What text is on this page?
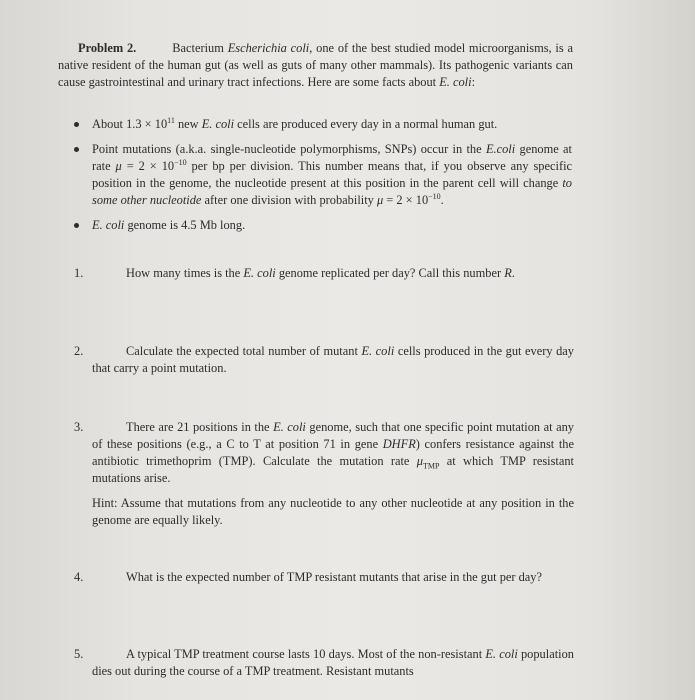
Problem 2.	Bacterium Escherichia coli, one of the best studied model microorganisms, is a native resident of the human gut (as well as guts of many other mammals). Its pathogenic variants can cause gastrointestinal and urinary tract infections. Here are some facts about E. coli:
About $1.3 \times 10^{11}$ new E. coli cells are produced every day in a normal human gut.
Point mutations (a.k.a. single-nucleotide polymorphisms, SNPs) occur in the E.coli genome at rate $\mu = 2 \times 10^{-10}$ per bp per division. This number means that, if you observe any specific position in the genome, the nucleotide present at this position in the parent cell will change to some other nucleotide after one division with probability $\mu = 2 \times 10^{-10}$.
E. coli genome is 4.5 Mb long.
1.	How many times is the E. coli genome replicated per day? Call this number R.
2.	Calculate the expected total number of mutant E. coli cells produced in the gut every day that carry a point mutation.
3.	There are 21 positions in the E. coli genome, such that one specific point mutation at any of these positions (e.g., a C to T at position 71 in gene DHFR) confers resistance against the antibiotic trimethoprim (TMP). Calculate the mutation rate $\mu_{TMP}$ at which TMP resistant mutations arise.
Hint: Assume that mutations from any nucleotide to any other nucleotide at any position in the genome are equally likely.
4.	What is the expected number of TMP resistant mutants that arise in the gut per day?
5.	A typical TMP treatment course lasts 10 days. Most of the non-resistant E. coli population dies out during the course of a TMP treatment. Resistant mutants
